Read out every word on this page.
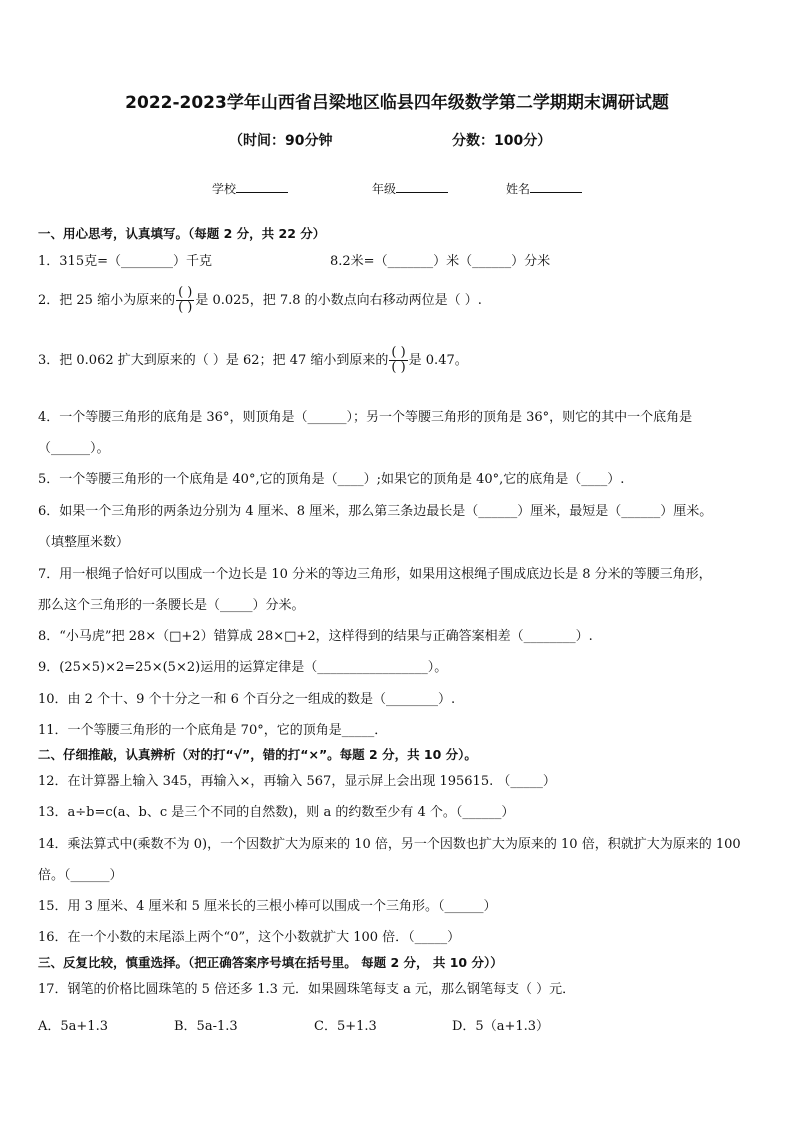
2022-2023学年山西省吕梁地区临县四年级数学第二学期期末调研试题
（时间：90分钟	分数：100分）
学校	年级	姓名
一、用心思考，认真填写。（每题 2 分，共 22 分）
1．315克=（________）千克	8.2米=（_______）米（______）分米
2．把 25 缩小为原来的 $\frac{( )}{( )}$ 是 0.025，把 7.8 的小数点向右移动两位是（ ）.
3．把 0.062 扩大到原来的（ ）是 62；把 47 缩小到原来的 $\frac{( )}{( )}$ 是 0.47。
4．一个等腰三角形的底角是 36°，则顶角是（______）；另一个等腰三角形的顶角是 36°，则它的其中一个底角是
（______）。
5．一个等腰三角形的一个底角是 40°,它的顶角是（____）;如果它的顶角是 40°,它的底角是（____）.
6．如果一个三角形的两条边分别为 4 厘米、8 厘米，那么第三条边最长是（______）厘米，最短是（______）厘米。
（填整厘米数）
7．用一根绳子恰好可以围成一个边长是 10 分米的等边三角形，如果用这根绳子围成底边长是 8 分米的等腰三角形，
那么这个三角形的一条腰长是（_____）分米。
8．“小马虎”把 28×（□+2）错算成 28×□+2，这样得到的结果与正确答案相差（________）.
9．(25×5)×2=25×(5×2)运用的运算定律是（_________________）。
10．由 2 个十、9 个十分之一和 6 个百分之一组成的数是（________）.
11．一个等腰三角形的一个底角是 70°，它的顶角是_____．
二、仔细推敲，认真辨析（对的打“√”，错的打“×”。每题 2 分，共 10 分）。
12．在计算器上输入 345，再输入×，再输入 567，显示屏上会出现 195615. （_____）
13．a÷b=c(a、b、c 是三个不同的自然数)，则 a 的约数至少有 4 个。（______）
14．乘法算式中(乘数不为 0)，一个因数扩大为原来的 10 倍，另一个因数也扩大为原来的 10 倍，积就扩大为原来的 100
倍。（______）
15．用 3 厘米、4 厘米和 5 厘米长的三根小棒可以围成一个三角形。（______）
16．在一个小数的末尾添上两个“0”，这个小数就扩大 100 倍．（_____）
三、反复比较，慎重选择。（把正确答案序号填在括号里。 每题 2 分， 共 10 分））
17．钢笔的价格比圆珠笔的 5 倍还多 1.3 元．如果圆珠笔每支 a 元，那么钢笔每支（ ）元．
A．5a+1.3	B．5a-1.3	C．5+1.3	D．5（a+1.3）
